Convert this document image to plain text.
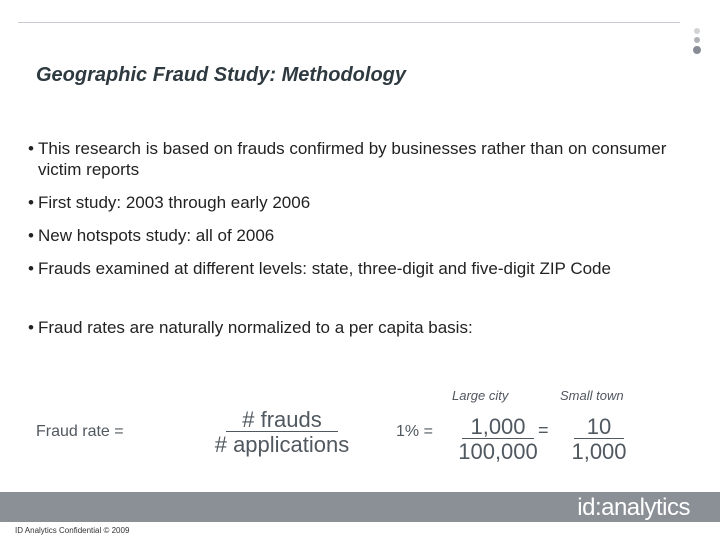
Geographic Fraud Study: Methodology
• This research is based on frauds confirmed by businesses rather than on consumer victim reports
• First study: 2003 through early 2006
• New hotspots study: all of 2006
• Frauds examined at different levels: state, three-digit and five-digit ZIP Code
• Fraud rates are naturally normalized to a per capita basis:
Large city	Small town
Fraud rate =	# frauds
# applications
$1\% = \frac{1,000}{100,000}$
= $\frac{10}{1,000}$
id:analytics
ID Analytics Confidential © 2009
